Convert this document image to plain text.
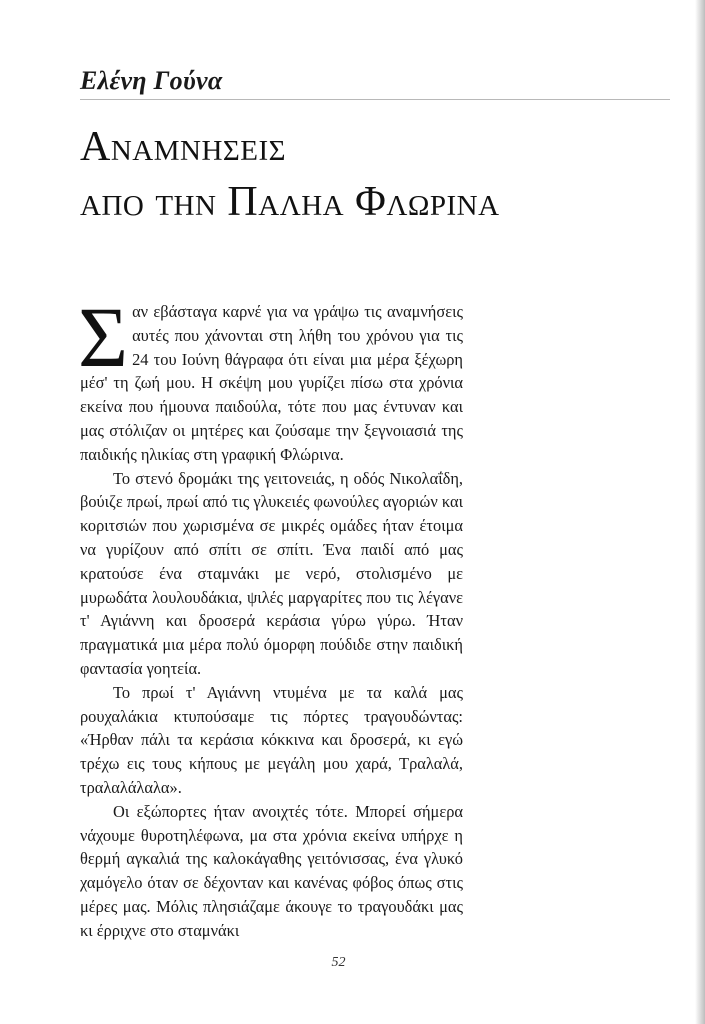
Ελένη Γούνα
Αναμνησεισ
απο την Παληα Φλωρινα

Σαν εβάσταγα καρνέ για να γράψω τις αναμνήσεις αυτές που χάνονται στη λήθη του χρόνου για τις 24 του Ιούνη θάγραφα ότι είναι μια μέρα ξέχωρη μέσ' τη ζωή μου. Η σκέψη μου γυρίζει πίσω στα χρόνια εκείνα που ήμουνα παιδούλα, τότε που μας έντυναν και μας στόλιζαν οι μητέρες και ζούσαμε την ξεγνοιασιά της παιδικής ηλικίας στη γραφική Φλώρινα.

Το στενό δρομάκι της γειτονειάς, η οδός Νικολαΐδη, βούιζε πρωί, πρωί από τις γλυκειές φωνούλες αγοριών και κοριτσιών που χωρισμένα σε μικρές ομάδες ήταν έτοιμα να γυρίζουν από σπίτι σε σπίτι. Ένα παιδί από μας κρατούσε ένα σταμνάκι με νερό, στολισμένο με μυρωδάτα λουλουδάκια, ψιλές μαργαρίτες που τις λέγανε τ' Αγιάννη και δροσερά κεράσια γύρω γύρω. Ήταν πραγματικά μια μέρα πολύ όμορφη πούδιδε στην παιδική φαντασία γοητεία.

Το πρωί τ' Αγιάννη ντυμένα με τα καλά μας ρουχαλάκια κτυπούσαμε τις πόρτες τραγουδώντας: «Ήρθαν πάλι τα κεράσια κόκκινα και δροσερά, κι εγώ τρέχω εις τους κήπους με μεγάλη μου χαρά, Τραλαλά, τραλαλάλαλα».

Οι εξώπορτες ήταν ανοιχτές τότε. Μπορεί σήμερα νάχουμε θυροτηλέφωνα, μα στα χρόνια εκείνα υπήρχε η θερμή αγκαλιά της καλοκάγαθης γειτόνισσας, ένα γλυκό χαμόγελο όταν σε δέχονταν και κανένας φόβος όπως στις μέρες μας. Μόλις πλησιάζαμε άκουγε το τραγουδάκι μας κι έρριχνε στο σταμνάκι

52
